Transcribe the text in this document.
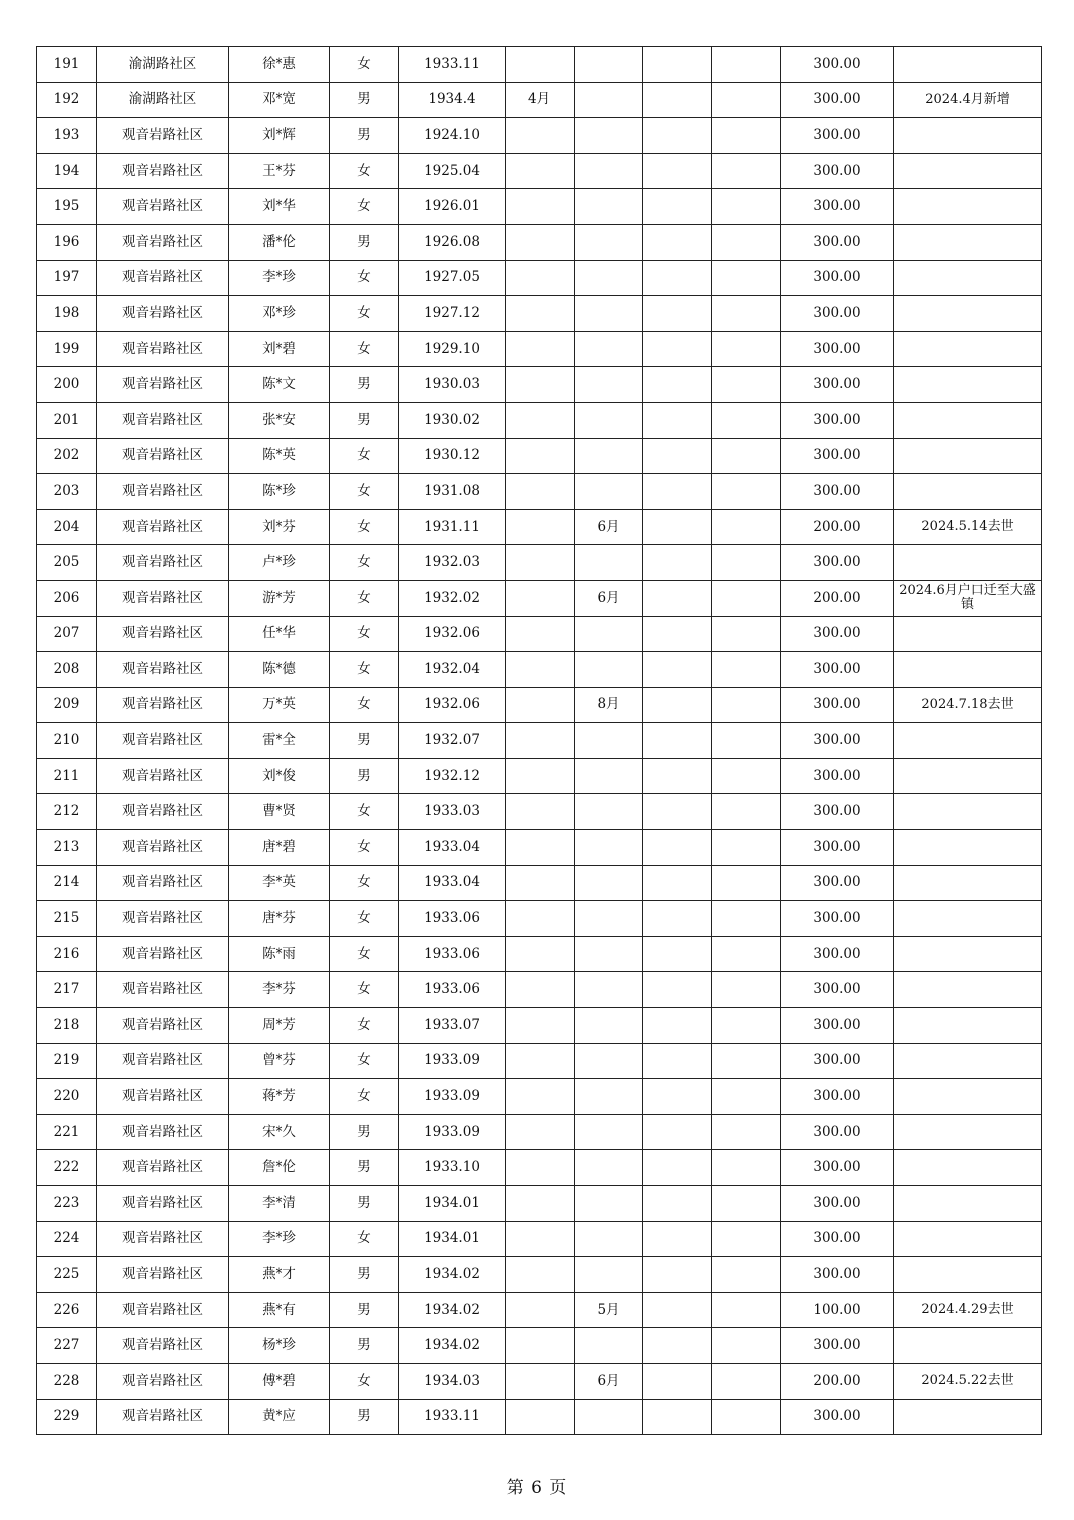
191	渝湖路社区	徐*惠	女	1933.11					300.00	
192	渝湖路社区	邓*宽	男	1934.4	4月				300.00	2024.4月新增
193	观音岩路社区	刘*辉	男	1924.10					300.00	
194	观音岩路社区	王*芬	女	1925.04					300.00	
195	观音岩路社区	刘*华	女	1926.01					300.00	
196	观音岩路社区	潘*伦	男	1926.08					300.00	
197	观音岩路社区	李*珍	女	1927.05					300.00	
198	观音岩路社区	邓*珍	女	1927.12					300.00	
199	观音岩路社区	刘*碧	女	1929.10					300.00	
200	观音岩路社区	陈*文	男	1930.03					300.00	
201	观音岩路社区	张*安	男	1930.02					300.00	
202	观音岩路社区	陈*英	女	1930.12					300.00	
203	观音岩路社区	陈*珍	女	1931.08					300.00	
204	观音岩路社区	刘*芬	女	1931.11		6月			200.00	2024.5.14去世
205	观音岩路社区	卢*珍	女	1932.03					300.00	
206	观音岩路社区	游*芳	女	1932.02		6月			200.00	2024.6月户口迁至大盛镇
207	观音岩路社区	任*华	女	1932.06					300.00	
208	观音岩路社区	陈*德	女	1932.04					300.00	
209	观音岩路社区	万*英	女	1932.06		8月			300.00	2024.7.18去世
210	观音岩路社区	雷*全	男	1932.07					300.00	
211	观音岩路社区	刘*俊	男	1932.12					300.00	
212	观音岩路社区	曹*贤	女	1933.03					300.00	
213	观音岩路社区	唐*碧	女	1933.04					300.00	
214	观音岩路社区	李*英	女	1933.04					300.00	
215	观音岩路社区	唐*芬	女	1933.06					300.00	
216	观音岩路社区	陈*雨	女	1933.06					300.00	
217	观音岩路社区	李*芬	女	1933.06					300.00	
218	观音岩路社区	周*芳	女	1933.07					300.00	
219	观音岩路社区	曾*芬	女	1933.09					300.00	
220	观音岩路社区	蒋*芳	女	1933.09					300.00	
221	观音岩路社区	宋*久	男	1933.09					300.00	
222	观音岩路社区	詹*伦	男	1933.10					300.00	
223	观音岩路社区	李*清	男	1934.01					300.00	
224	观音岩路社区	李*珍	女	1934.01					300.00	
225	观音岩路社区	燕*才	男	1934.02					300.00	
226	观音岩路社区	燕*有	男	1934.02		5月			100.00	2024.4.29去世
227	观音岩路社区	杨*珍	男	1934.02					300.00	
228	观音岩路社区	傅*碧	女	1934.03		6月			200.00	2024.5.22去世
229	观音岩路社区	黄*应	男	1933.11					300.00	
第 6 页
